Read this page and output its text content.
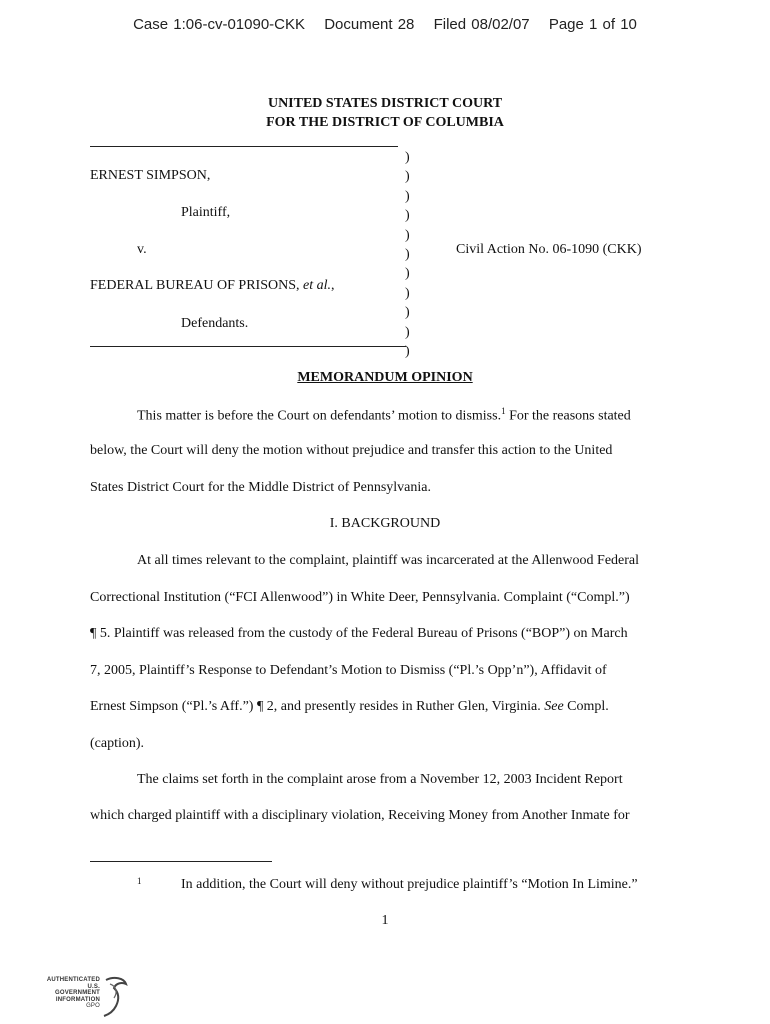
Case 1:06-cv-01090-CKK Document 28 Filed 08/02/07 Page 1 of 10
UNITED STATES DISTRICT COURT
FOR THE DISTRICT OF COLUMBIA
)
)
)
)
)
)
)
)
)
)
)
ERNEST SIMPSON,
Plaintiff,
v.	Civil Action No. 06-1090 (CKK)
FEDERAL BUREAU OF PRISONS, et al.,
Defendants.
MEMORANDUM OPINION
This matter is before the Court on defendants’ motion to dismiss.$^1$ For the reasons stated
below, the Court will deny the motion without prejudice and transfer this action to the United
States District Court for the Middle District of Pennsylvania.
I. BACKGROUND
At all times relevant to the complaint, plaintiff was incarcerated at the Allenwood Federal
Correctional Institution (“FCI Allenwood”) in White Deer, Pennsylvania. Complaint (“Compl.”)
¶ 5. Plaintiff was released from the custody of the Federal Bureau of Prisons (“BOP”) on March
7, 2005, Plaintiff’s Response to Defendant’s Motion to Dismiss (“Pl.’s Opp’n”), Affidavit of
Ernest Simpson (“Pl.’s Aff.”) ¶ 2, and presently resides in Ruther Glen, Virginia. See Compl.
(caption).
The claims set forth in the complaint arose from a November 12, 2003 Incident Report
which charged plaintiff with a disciplinary violation, Receiving Money from Another Inmate for
1	In addition, the Court will deny without prejudice plaintiff’s “Motion In Limine.”
1
AUTHENTICATED
U.S. GOVERNMENT
INFORMATION
GPO
